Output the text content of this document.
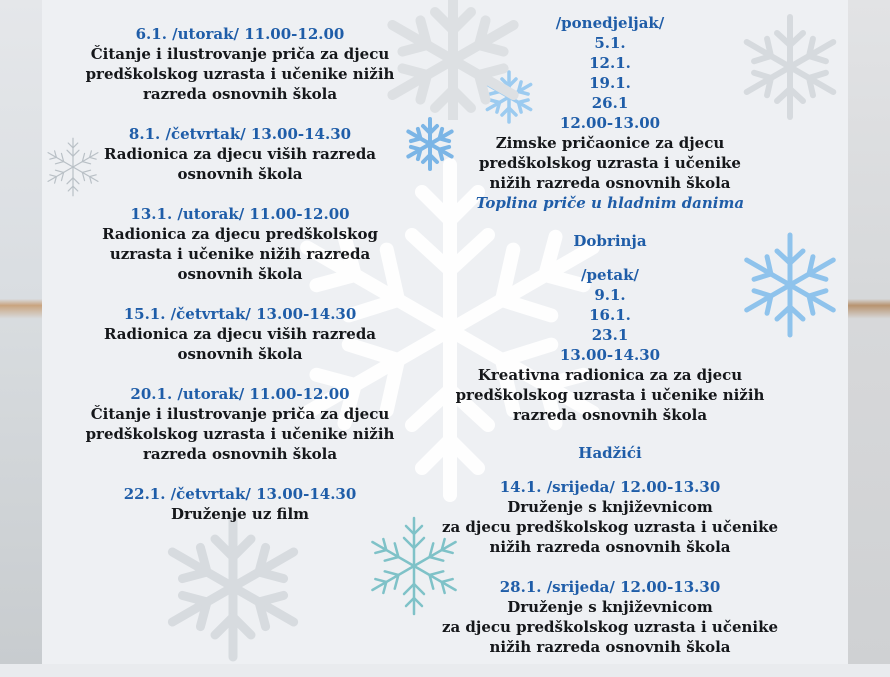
6.1. /utorak/ 11.00-12.00
Čitanje i ilustrovanje priča za djecu
predškolskog uzrasta i učenike nižih
razreda osnovnih škola
8.1. /četvrtak/ 13.00-14.30
Radionica za djecu viših razreda
osnovnih škola
13.1. /utorak/ 11.00-12.00
Radionica za djecu predškolskog
uzrasta i učenike nižih razreda
osnovnih škola
15.1. /četvrtak/ 13.00-14.30
Radionica za djecu viših razreda
osnovnih škola
20.1. /utorak/ 11.00-12.00
Čitanje i ilustrovanje priča za djecu
predškolskog uzrasta i učenike nižih
razreda osnovnih škola
22.1. /četvrtak/ 13.00-14.30
Druženje uz film
/ponedjeljak/
5.1.
12.1.
19.1.
26.1
12.00-13.00
Zimske pričaonice za djecu
predškolskog uzrasta i učenike
nižih razreda osnovnih škola
Toplina priče u hladnim danima
Dobrinja
/petak/
9.1.
16.1.
23.1
13.00-14.30
Kreativna radionica za za djecu
predškolskog uzrasta i učenike nižih
razreda osnovnih škola
Hadžići
14.1. /srijeda/ 12.00-13.30
Druženje s književnicom
za djecu predškolskog uzrasta i učenike
nižih razreda osnovnih škola
28.1. /srijeda/ 12.00-13.30
Druženje s književnicom
za djecu predškolskog uzrasta i učenike
nižih razreda osnovnih škola
